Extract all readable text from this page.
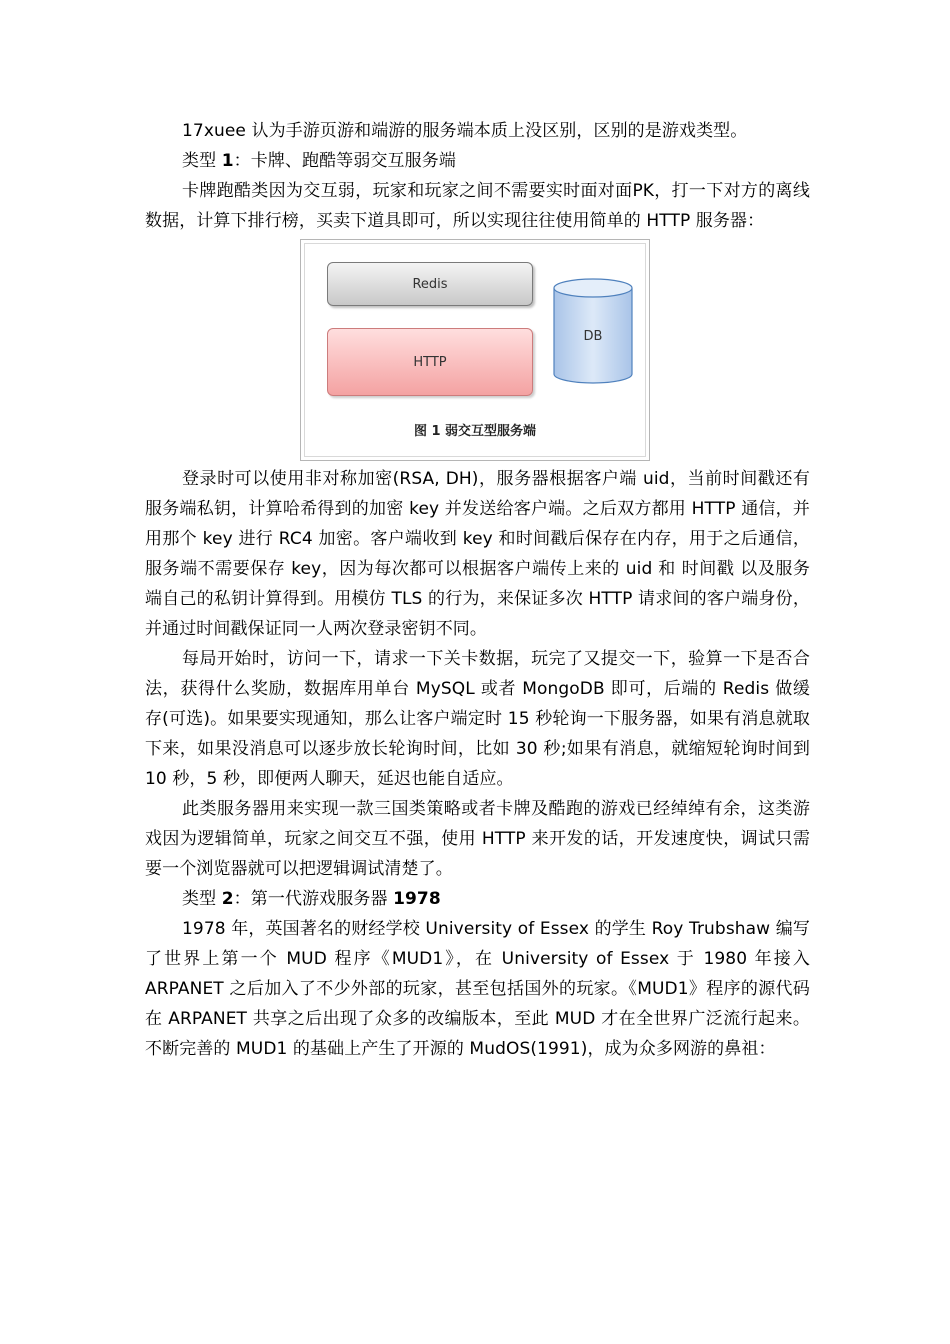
17xuee 认为手游页游和端游的服务端本质上没区别，区别的是游戏类型。

类型 1：卡牌、跑酷等弱交互服务端

卡牌跑酷类因为交互弱，玩家和玩家之间不需要实时面对面PK，打一下对方的离线数据，计算下排行榜，买卖下道具即可，所以实现往往使用简单的 HTTP 服务器：

Redis
HTTP
DB
图 1 弱交互型服务端

登录时可以使用非对称加密(RSA, DH)，服务器根据客户端 uid，当前时间戳还有服务端私钥，计算哈希得到的加密 key 并发送给客户端。之后双方都用 HTTP 通信，并用那个 key 进行 RC4 加密。客户端收到 key 和时间戳后保存在内存，用于之后通信，服务端不需要保存 key，因为每次都可以根据客户端传上来的 uid 和 时间戳 以及服务端自己的私钥计算得到。用模仿 TLS 的行为，来保证多次 HTTP 请求间的客户端身份，并通过时间戳保证同一人两次登录密钥不同。

每局开始时，访问一下，请求一下关卡数据，玩完了又提交一下，验算一下是否合法，获得什么奖励，数据库用单台 MySQL 或者 MongoDB 即可，后端的 Redis 做缓存(可选)。如果要实现通知，那么让客户端定时 15 秒轮询一下服务器，如果有消息就取下来，如果没消息可以逐步放长轮询时间，比如 30 秒;如果有消息，就缩短轮询时间到 10 秒，5 秒，即便两人聊天，延迟也能自适应。

此类服务器用来实现一款三国类策略或者卡牌及酷跑的游戏已经绰绰有余，这类游戏因为逻辑简单，玩家之间交互不强，使用 HTTP 来开发的话，开发速度快，调试只需要一个浏览器就可以把逻辑调试清楚了。

类型 2：第一代游戏服务器 1978

1978 年，英国著名的财经学校 University of Essex 的学生 Roy Trubshaw 编写了世界上第一个 MUD 程序《MUD1》，在 University of Essex 于 1980 年接入 ARPANET 之后加入了不少外部的玩家，甚至包括国外的玩家。《MUD1》程序的源代码在 ARPANET 共享之后出现了众多的改编版本，至此 MUD 才在全世界广泛流行起来。不断完善的 MUD1 的基础上产生了开源的 MudOS(1991)，成为众多网游的鼻祖：
